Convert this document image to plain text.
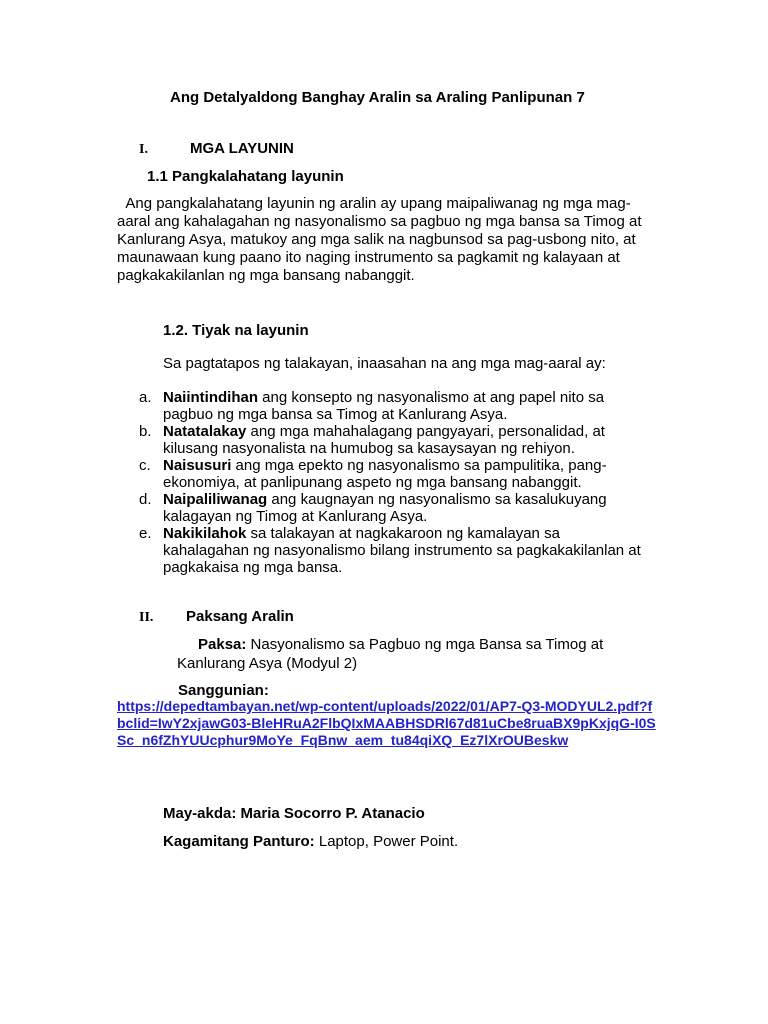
Ang Detalyaldong Banghay Aralin sa Araling Panlipunan 7
I.	MGA LAYUNIN
1.1 Pangkalahatang layunin
Ang pangkalahatang layunin ng aralin ay upang maipaliwanag ng mga mag-aaral ang kahalagahan ng nasyonalismo sa pagbuo ng mga bansa sa Timog at Kanlurang Asya, matukoy ang mga salik na nagbunsod sa pag-usbong nito, at maunawaan kung paano ito naging instrumento sa pagkamit ng kalayaan at pagkakakilanlan ng mga bansang nabanggit.
1.2. Tiyak na layunin
Sa pagtatapos ng talakayan, inaasahan na ang mga mag-aaral ay:
a. Naiintindihan ang konsepto ng nasyonalismo at ang papel nito sa pagbuo ng mga bansa sa Timog at Kanlurang Asya.
b. Natatalakay ang mga mahahalagang pangyayari, personalidad, at kilusang nasyonalista na humubog sa kasaysayan ng rehiyon.
c. Naisusuri ang mga epekto ng nasyonalismo sa pampulitika, pang-ekonomiya, at panlipunang aspeto ng mga bansang nabanggit.
d. Naipaliliwanag ang kaugnayan ng nasyonalismo sa kasalukuyang kalagayan ng Timog at Kanlurang Asya.
e. Nakikilahok sa talakayan at nagkakaroon ng kamalayan sa kahalagahan ng nasyonalismo bilang instrumento sa pagkakakilanlan at pagkakaisa ng mga bansa.
II. Paksang Aralin
Paksa: Nasyonalismo sa Pagbuo ng mga Bansa sa Timog at Kanlurang Asya (Modyul 2)
Sanggunian:
https://depedtambayan.net/wp-content/uploads/2022/01/AP7-Q3-MODYUL2.pdf?fbclid=IwY2xjawG03-BleHRuA2FlbQIxMAABHSDRl67d81uCbe8ruaBX9pKxjqG-I0SSc_n6fZhYUUcphur9MoYe_FqBnw_aem_tu84qiXQ_Ez7lXrOUBeskw
May-akda: Maria Socorro P. Atanacio
Kagamitang Panturo: Laptop, Power Point.
